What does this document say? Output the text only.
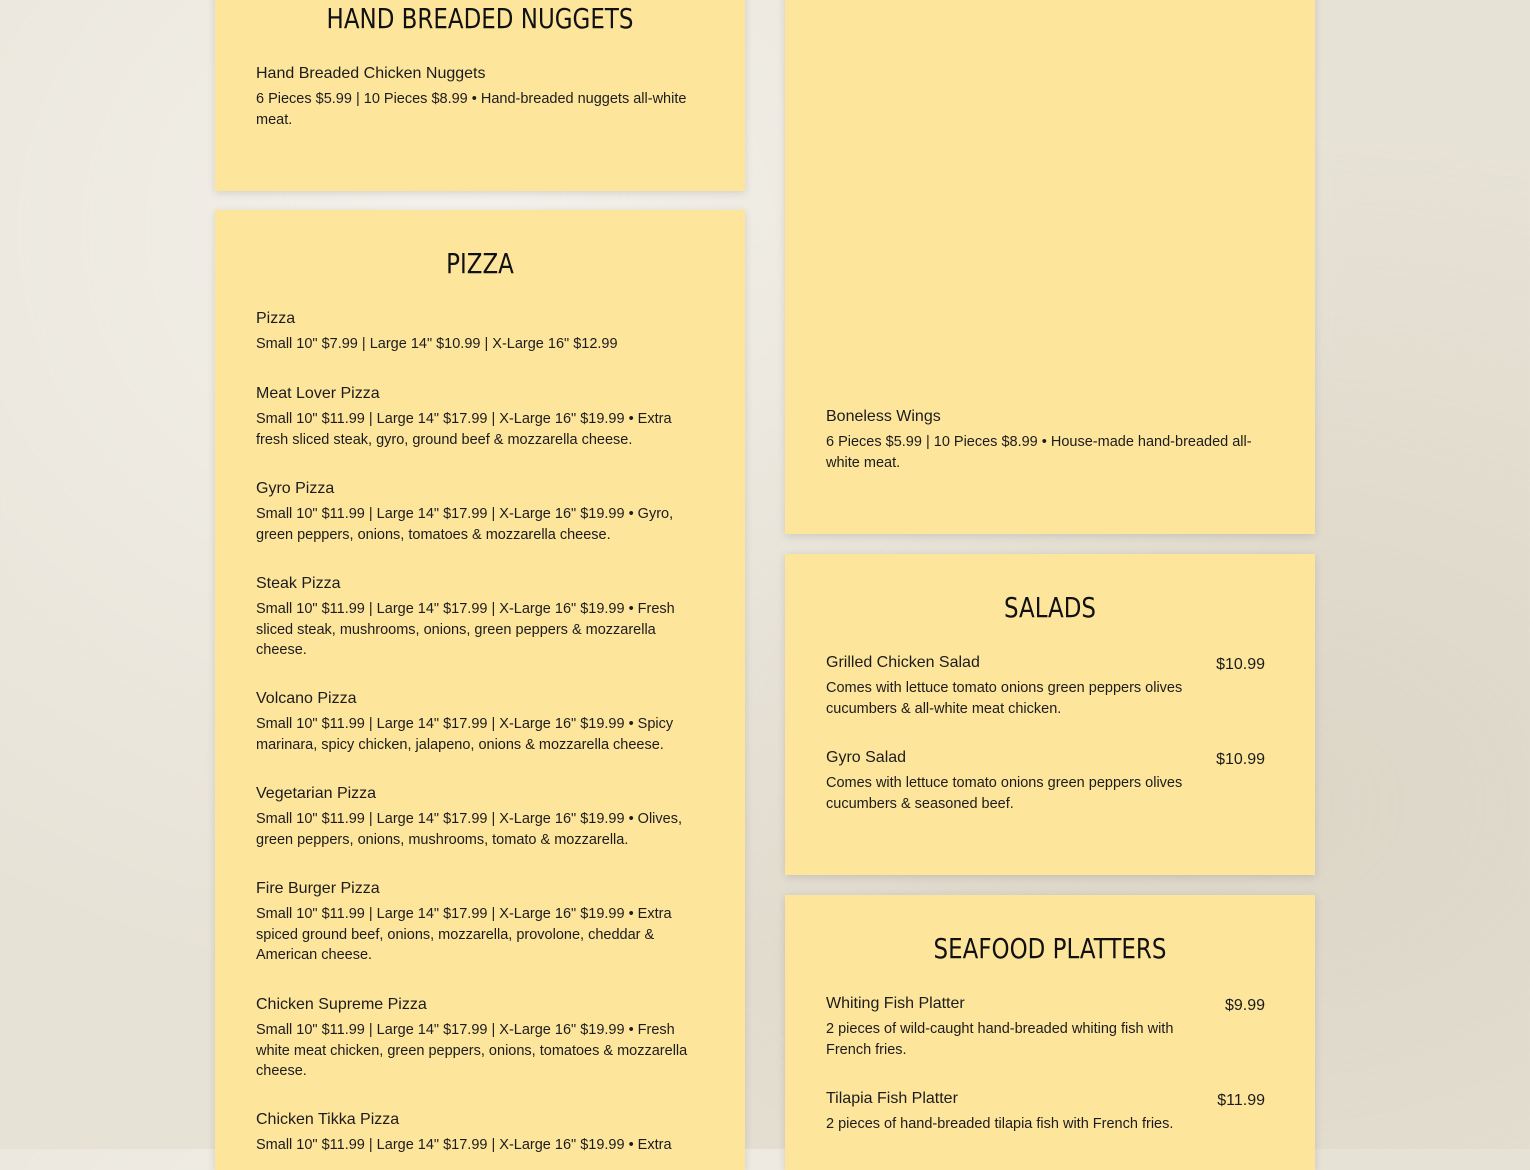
HAND BREADED NUGGETS
Hand Breaded Chicken Nuggets
6 Pieces $5.99 | 10 Pieces $8.99 • Hand-breaded nuggets all-white meat.
PIZZA
Pizza
Small 10" $7.99 | Large 14" $10.99 | X-Large 16" $12.99
Meat Lover Pizza
Small 10" $11.99 | Large 14" $17.99 | X-Large 16" $19.99 • Extra fresh sliced steak, gyro, ground beef & mozzarella cheese.
Gyro Pizza
Small 10" $11.99 | Large 14" $17.99 | X-Large 16" $19.99 • Gyro, green peppers, onions, tomatoes & mozzarella cheese.
Steak Pizza
Small 10" $11.99 | Large 14" $17.99 | X-Large 16" $19.99 • Fresh sliced steak, mushrooms, onions, green peppers & mozzarella cheese.
Volcano Pizza
Small 10" $11.99 | Large 14" $17.99 | X-Large 16" $19.99 • Spicy marinara, spicy chicken, jalapeno, onions & mozzarella cheese.
Vegetarian Pizza
Small 10" $11.99 | Large 14" $17.99 | X-Large 16" $19.99 • Olives, green peppers, onions, mushrooms, tomato & mozzarella.
Fire Burger Pizza
Small 10" $11.99 | Large 14" $17.99 | X-Large 16" $19.99 • Extra spiced ground beef, onions, mozzarella, provolone, cheddar & American cheese.
Chicken Supreme Pizza
Small 10" $11.99 | Large 14" $17.99 | X-Large 16" $19.99 • Fresh white meat chicken, green peppers, onions, tomatoes & mozzarella cheese.
Chicken Tikka Pizza
Small 10" $11.99 | Large 14" $17.99 | X-Large 16" $19.99 • Extra
Boneless Wings
6 Pieces $5.99 | 10 Pieces $8.99 • House-made hand-breaded all-white meat.
SALADS
Grilled Chicken Salad	$10.99
Comes with lettuce tomato onions green peppers olives cucumbers & all-white meat chicken.
Gyro Salad	$10.99
Comes with lettuce tomato onions green peppers olives cucumbers & seasoned beef.
SEAFOOD PLATTERS
Whiting Fish Platter	$9.99
2 pieces of wild-caught hand-breaded whiting fish with French fries.
Tilapia Fish Platter	$11.99
2 pieces of hand-breaded tilapia fish with French fries.
